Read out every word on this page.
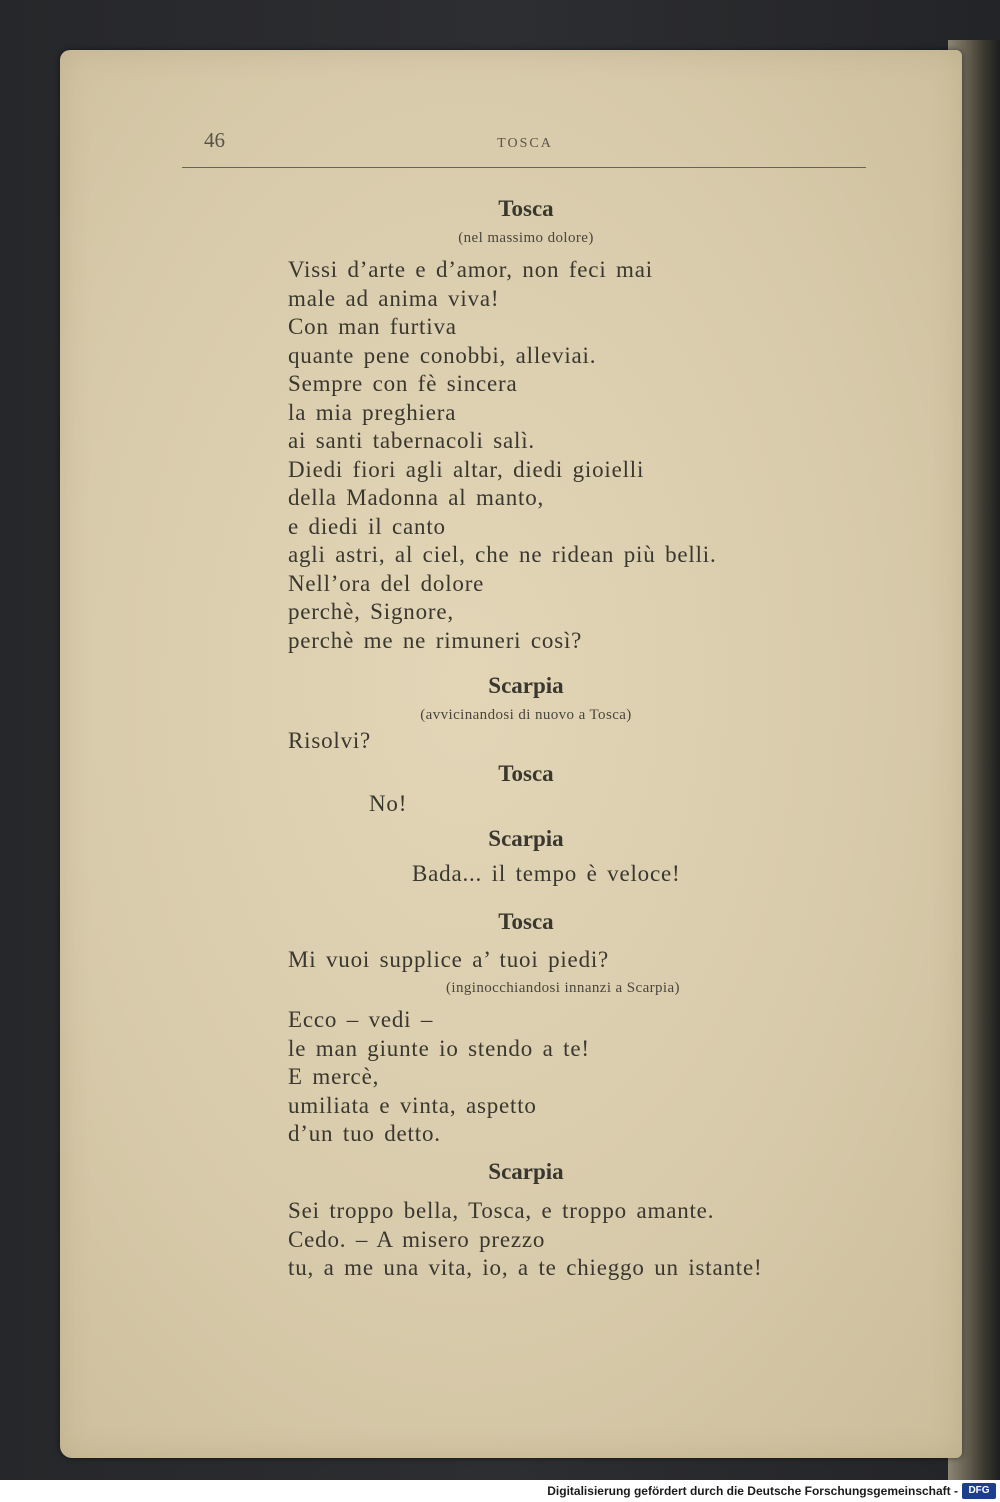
46	TOSCA
Tosca
(nel massimo dolore)
Vissi d’arte e d’amor, non feci mai
male ad anima viva!
Con man furtiva
quante pene conobbi, alleviai.
Sempre con fè sincera
la mia preghiera
ai santi tabernacoli salì.
Diedi fiori agli altar, diedi gioielli
della Madonna al manto,
e diedi il canto
agli astri, al ciel, che ne ridean più belli.
Nell’ora del dolore
perchè, Signore,
perchè me ne rimuneri così?
Scarpia
(avvicinandosi di nuovo a Tosca)
Risolvi?
Tosca
No!
Scarpia
Bada... il tempo è veloce!
Tosca
Mi vuoi supplice a’ tuoi piedi?
(inginocchiandosi innanzi a Scarpia)
Ecco – vedi –
le man giunte io stendo a te!
E mercè,
umiliata e vinta, aspetto
d’un tuo detto.
Scarpia
Sei troppo bella, Tosca, e troppo amante.
Cedo. – A misero prezzo
tu, a me una vita, io, a te chieggo un istante!
Digitalisierung gefördert durch die Deutsche Forschungsgemeinschaft -	DFG
